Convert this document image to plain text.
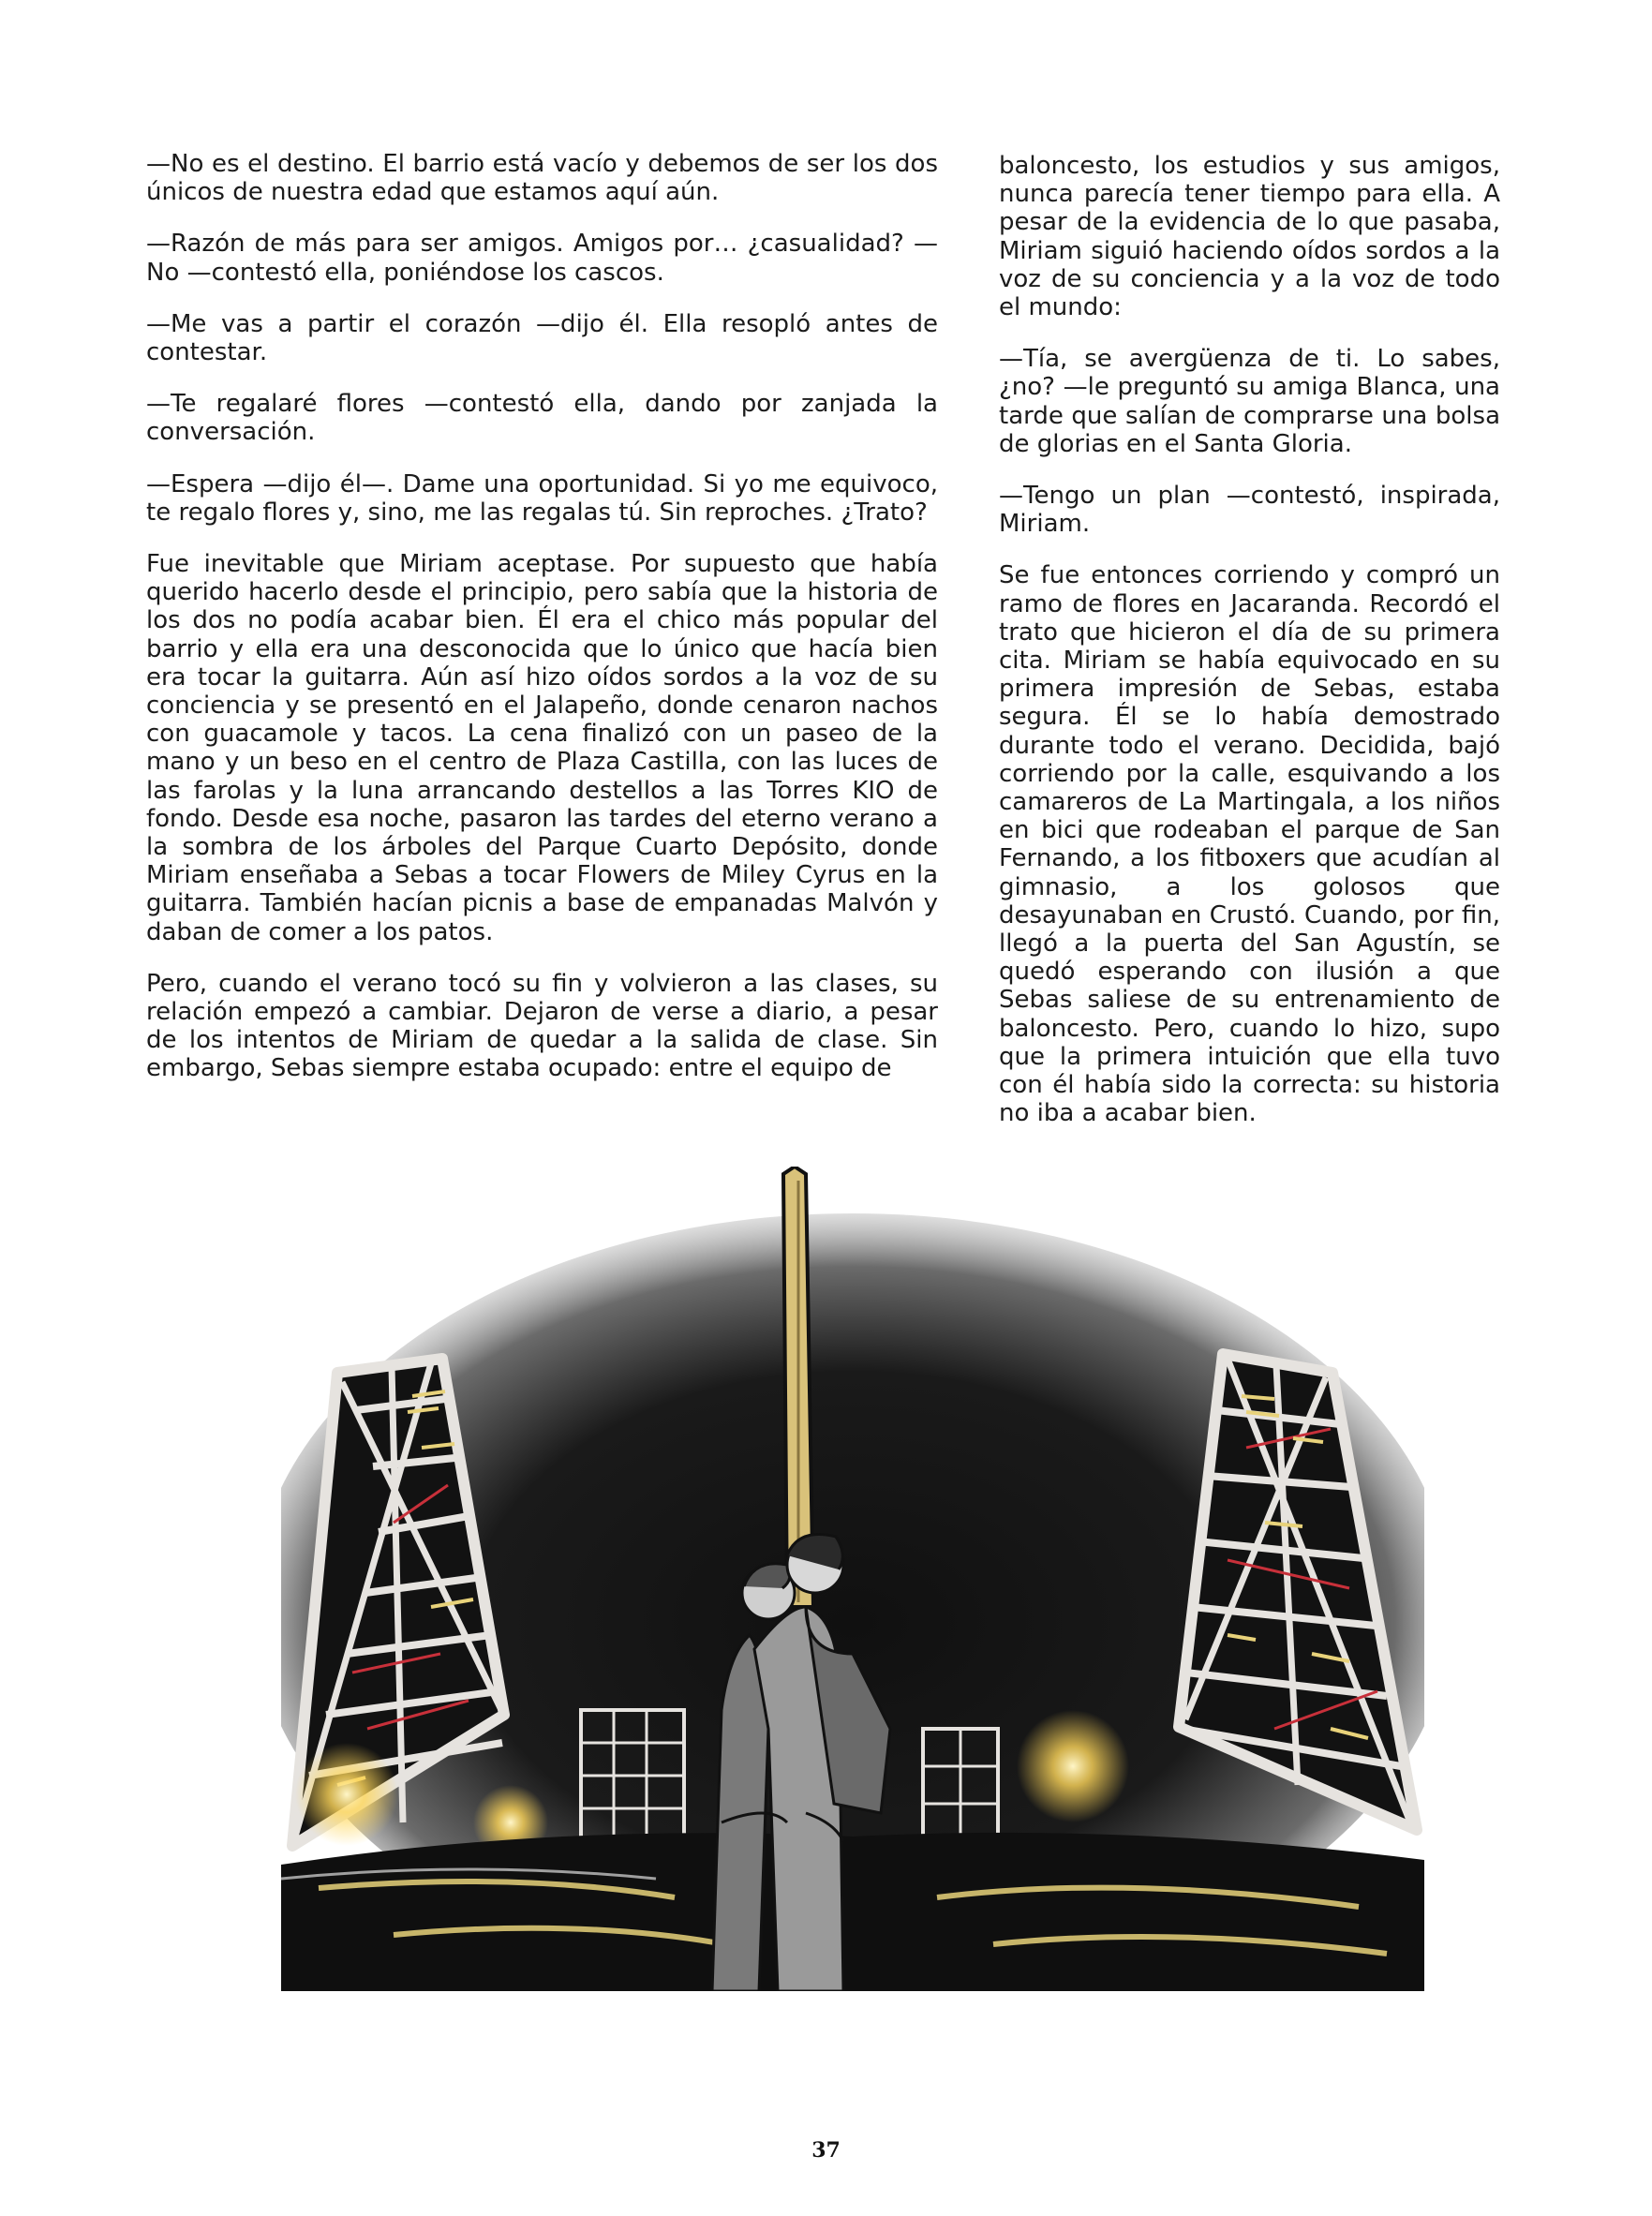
—No es el destino. El barrio está vacío y debemos de ser los dos únicos de nuestra edad que estamos aquí aún.

—Razón de más para ser amigos. Amigos por… ¿casualidad? —No —contestó ella, poniéndose los cascos.

—Me vas a partir el corazón —dijo él. Ella resopló antes de contestar.

—Te regalaré flores —contestó ella, dando por zanjada la conversación.

—Espera —dijo él—. Dame una oportunidad. Si yo me equivoco, te regalo flores y, sino, me las regalas tú. Sin reproches. ¿Trato?

Fue inevitable que Miriam aceptase. Por supuesto que había querido hacerlo desde el principio, pero sabía que la historia de los dos no podía acabar bien. Él era el chico más popular del barrio y ella era una desconocida que lo único que hacía bien era tocar la guitarra. Aún así hizo oídos sordos a la voz de su conciencia y se presentó en el Jalapeño, donde cenaron nachos con guacamole y tacos. La cena finalizó con un paseo de la mano y un beso en el centro de Plaza Castilla, con las luces de las farolas y la luna arrancando destellos a las Torres KIO de fondo. Desde esa noche, pasaron las tardes del eterno verano a la sombra de los árboles del Parque Cuarto Depósito, donde Miriam enseñaba a Sebas a tocar Flowers de Miley Cyrus en la guitarra. También hacían picnis a base de empanadas Malvón y daban de comer a los patos.

Pero, cuando el verano tocó su fin y volvieron a las clases, su relación empezó a cambiar. Dejaron de verse a diario, a pesar de los intentos de Miriam de quedar a la salida de clase. Sin embargo, Sebas siempre estaba ocupado: entre el equipo de

baloncesto, los estudios y sus amigos, nunca parecía tener tiempo para ella. A pesar de la evidencia de lo que pasaba, Miriam siguió haciendo oídos sordos a la voz de su conciencia y a la voz de todo el mundo:

—Tía, se avergüenza de ti. Lo sabes, ¿no? —le preguntó su amiga Blanca, una tarde que salían de comprarse una bolsa de glorias en el Santa Gloria.

—Tengo un plan —contestó, inspirada, Miriam.

Se fue entonces corriendo y compró un ramo de flores en Jacaranda. Recordó el trato que hicieron el día de su primera cita. Miriam se había equivocado en su primera impresión de Sebas, estaba segura. Él se lo había demostrado durante todo el verano. Decidida, bajó corriendo por la calle, esquivando a los camareros de La Martingala, a los niños en bici que rodeaban el parque de San Fernando, a los fitboxers que acudían al gimnasio, a los golosos que desayunaban en Crustó. Cuando, por fin, llegó a la puerta del San Agustín, se quedó esperando con ilusión a que Sebas saliese de su entrenamiento de baloncesto. Pero, cuando lo hizo, supo que la primera intuición que ella tuvo con él había sido la correcta: su historia no iba a acabar bien.

37
